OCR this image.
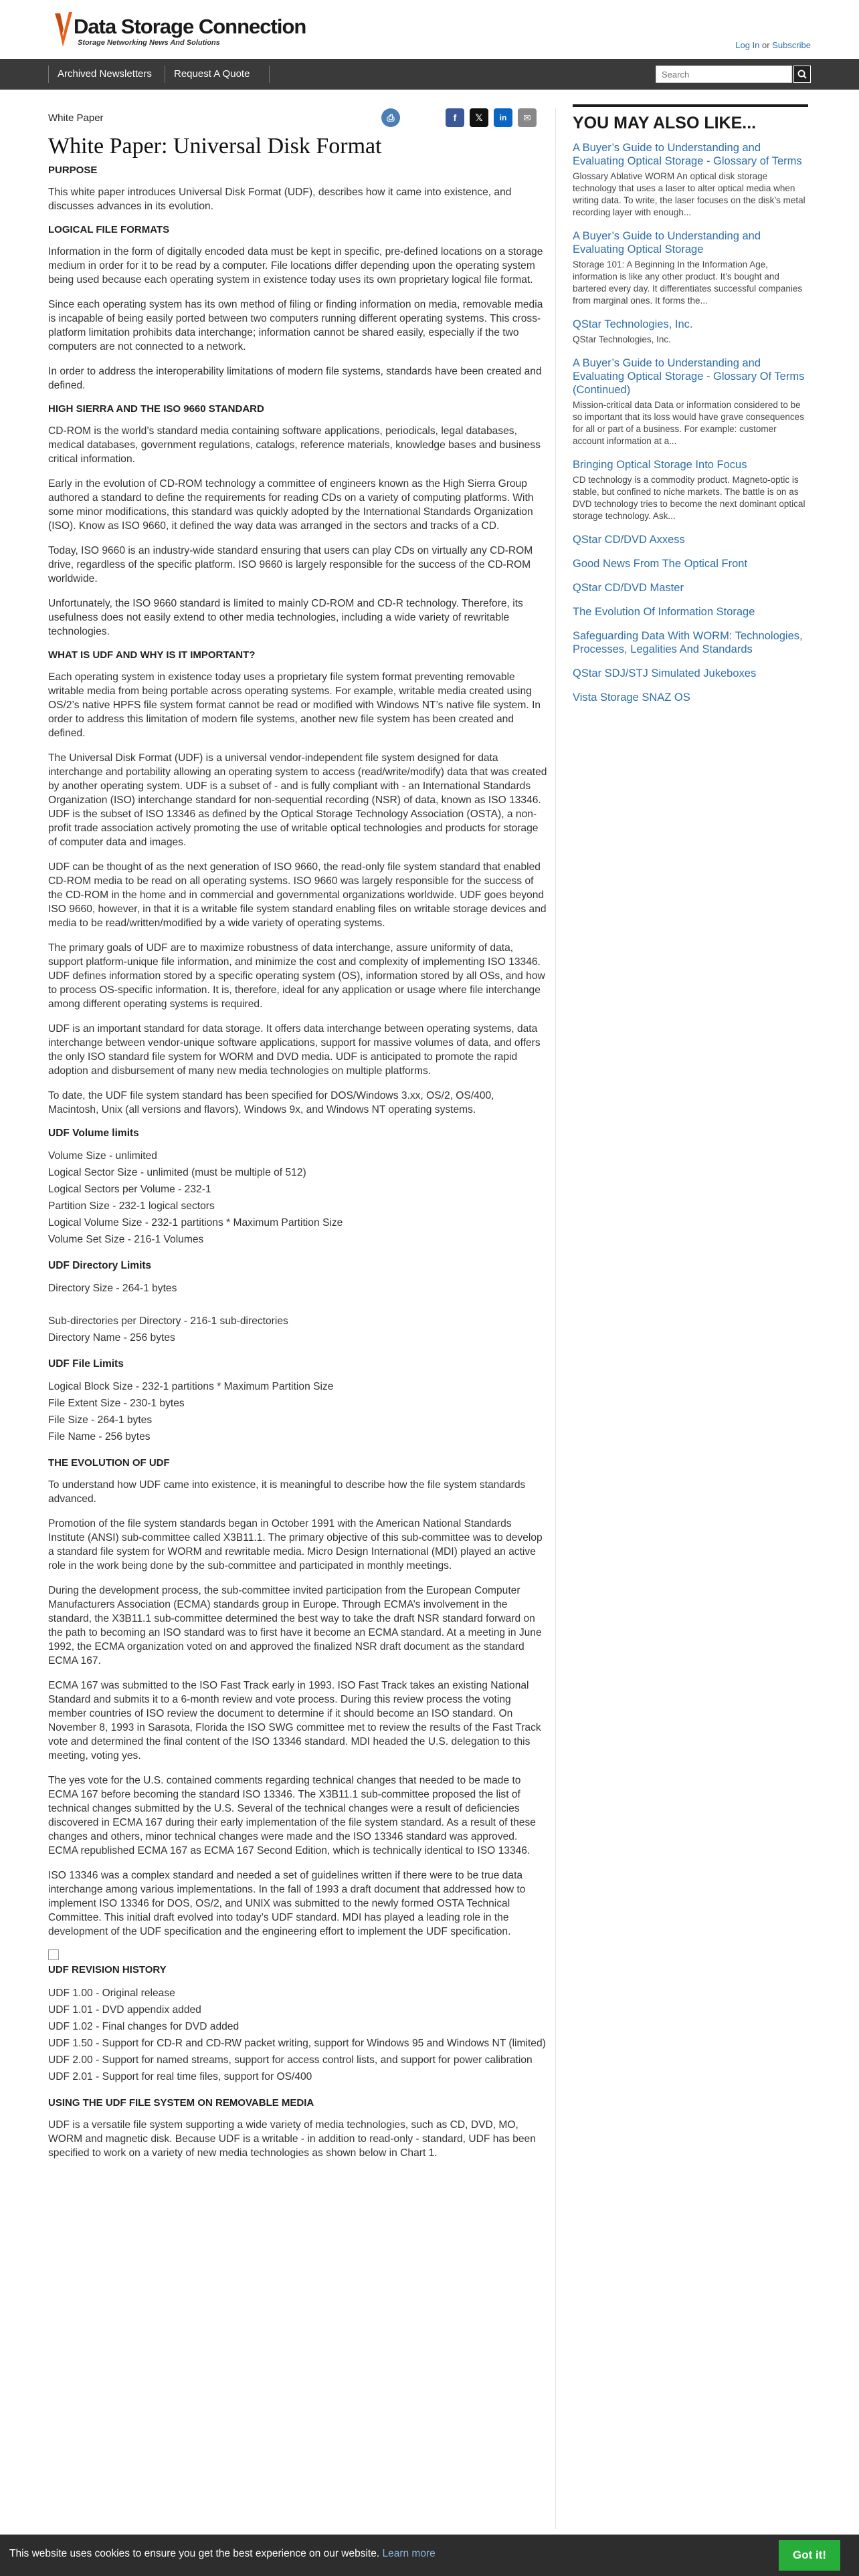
Data Storage Connection
Storage Networking News And Solutions	Log In or Subscribe
Archived Newsletters	Request A Quote
Search
White Paper	⎙	f	𝕏	in	✉
White Paper: Universal Disk Format
PURPOSE

This white paper introduces Universal Disk Format (UDF), describes how it came into existence, and discusses advances in its evolution.

LOGICAL FILE FORMATS

Information in the form of digitally encoded data must be kept in specific, pre-defined locations on a storage medium in order for it to be read by a computer. File locations differ depending upon the operating system being used because each operating system in existence today uses its own proprietary logical file format.

Since each operating system has its own method of filing or finding information on media, removable media is incapable of being easily ported between two computers running different operating systems. This cross-platform limitation prohibits data interchange; information cannot be shared easily, especially if the two computers are not connected to a network.

In order to address the interoperability limitations of modern file systems, standards have been created and defined.

HIGH SIERRA AND THE ISO 9660 STANDARD

CD-ROM is the world’s standard media containing software applications, periodicals, legal databases, medical databases, government regulations, catalogs, reference materials, knowledge bases and business critical information.

Early in the evolution of CD-ROM technology a committee of engineers known as the High Sierra Group authored a standard to define the requirements for reading CDs on a variety of computing platforms. With some minor modifications, this standard was quickly adopted by the International Standards Organization (ISO). Know as ISO 9660, it defined the way data was arranged in the sectors and tracks of a CD.

Today, ISO 9660 is an industry-wide standard ensuring that users can play CDs on virtually any CD-ROM drive, regardless of the specific platform. ISO 9660 is largely responsible for the success of the CD-ROM worldwide.

Unfortunately, the ISO 9660 standard is limited to mainly CD-ROM and CD-R technology. Therefore, its usefulness does not easily extend to other media technologies, including a wide variety of rewritable technologies.

WHAT IS UDF AND WHY IS IT IMPORTANT?

Each operating system in existence today uses a proprietary file system format preventing removable writable media from being portable across operating systems. For example, writable media created using OS/2’s native HPFS file system format cannot be read or modified with Windows NT’s native file system. In order to address this limitation of modern file systems, another new file system has been created and defined.

The Universal Disk Format (UDF) is a universal vendor-independent file system designed for data interchange and portability allowing an operating system to access (read/write/modify) data that was created by another operating system. UDF is a subset of - and is fully compliant with - an International Standards Organization (ISO) interchange standard for non-sequential recording (NSR) of data, known as ISO 13346. UDF is the subset of ISO 13346 as defined by the Optical Storage Technology Association (OSTA), a non-profit trade association actively promoting the use of writable optical technologies and products for storage of computer data and images.

UDF can be thought of as the next generation of ISO 9660, the read-only file system standard that enabled CD-ROM media to be read on all operating systems. ISO 9660 was largely responsible for the success of the CD-ROM in the home and in commercial and governmental organizations worldwide. UDF goes beyond ISO 9660, however, in that it is a writable file system standard enabling files on writable storage devices and media to be read/written/modified by a wide variety of operating systems.

The primary goals of UDF are to maximize robustness of data interchange, assure uniformity of data, support platform-unique file information, and minimize the cost and complexity of implementing ISO 13346. UDF defines information stored by a specific operating system (OS), information stored by all OSs, and how to process OS-specific information. It is, therefore, ideal for any application or usage where file interchange among different operating systems is required.

UDF is an important standard for data storage. It offers data interchange between operating systems, data interchange between vendor-unique software applications, support for massive volumes of data, and offers the only ISO standard file system for WORM and DVD media. UDF is anticipated to promote the rapid adoption and disbursement of many new media technologies on multiple platforms.

To date, the UDF file system standard has been specified for DOS/Windows 3.xx, OS/2, OS/400, Macintosh, Unix (all versions and flavors), Windows 9x, and Windows NT operating systems.

UDF Volume limits
Volume Size - unlimited
Logical Sector Size - unlimited (must be multiple of 512)
Logical Sectors per Volume - 232-1
Partition Size - 232-1 logical sectors
Logical Volume Size - 232-1 partitions * Maximum Partition Size
Volume Set Size - 216-1 Volumes
UDF Directory Limits
Directory Size - 264-1 bytes
Sub-directories per Directory - 216-1 sub-directories
Directory Name - 256 bytes
UDF File Limits
Logical Block Size - 232-1 partitions * Maximum Partition Size
File Extent Size - 230-1 bytes
File Size - 264-1 bytes
File Name - 256 bytes
THE EVOLUTION OF UDF

To understand how UDF came into existence, it is meaningful to describe how the file system standards advanced.

Promotion of the file system standards began in October 1991 with the American National Standards Institute (ANSI) sub-committee called X3B11.1. The primary objective of this sub-committee was to develop a standard file system for WORM and rewritable media. Micro Design International (MDI) played an active role in the work being done by the sub-committee and participated in monthly meetings.

During the development process, the sub-committee invited participation from the European Computer Manufacturers Association (ECMA) standards group in Europe. Through ECMA’s involvement in the standard, the X3B11.1 sub-committee determined the best way to take the draft NSR standard forward on the path to becoming an ISO standard was to first have it become an ECMA standard. At a meeting in June 1992, the ECMA organization voted on and approved the finalized NSR draft document as the standard ECMA 167.

ECMA 167 was submitted to the ISO Fast Track early in 1993. ISO Fast Track takes an existing National Standard and submits it to a 6-month review and vote process. During this review process the voting member countries of ISO review the document to determine if it should become an ISO standard. On November 8, 1993 in Sarasota, Florida the ISO SWG committee met to review the results of the Fast Track vote and determined the final content of the ISO 13346 standard. MDI headed the U.S. delegation to this meeting, voting yes.

The yes vote for the U.S. contained comments regarding technical changes that needed to be made to ECMA 167 before becoming the standard ISO 13346. The X3B11.1 sub-committee proposed the list of technical changes submitted by the U.S. Several of the technical changes were a result of deficiencies discovered in ECMA 167 during their early implementation of the file system standard. As a result of these changes and others, minor technical changes were made and the ISO 13346 standard was approved. ECMA republished ECMA 167 as ECMA 167 Second Edition, which is technically identical to ISO 13346.

ISO 13346 was a complex standard and needed a set of guidelines written if there were to be true data interchange among various implementations. In the fall of 1993 a draft document that addressed how to implement ISO 13346 for DOS, OS/2, and UNIX was submitted to the newly formed OSTA Technical Committee. This initial draft evolved into today’s UDF standard. MDI has played a leading role in the development of the UDF specification and the engineering effort to implement the UDF specification.

UDF REVISION HISTORY
UDF 1.00 - Original release
UDF 1.01 - DVD appendix added
UDF 1.02 - Final changes for DVD added
UDF 1.50 - Support for CD-R and CD-RW packet writing, support for Windows 95 and Windows NT (limited)
UDF 2.00 - Support for named streams, support for access control lists, and support for power calibration
UDF 2.01 - Support for real time files, support for OS/400
USING THE UDF FILE SYSTEM ON REMOVABLE MEDIA

UDF is a versatile file system supporting a wide variety of media technologies, such as CD, DVD, MO, WORM and magnetic disk. Because UDF is a writable - in addition to read-only - standard, UDF has been specified to work on a variety of new media technologies as shown below in Chart 1.

YOU MAY ALSO LIKE...
A Buyer’s Guide to Understanding and Evaluating Optical Storage - Glossary of Terms
Glossary Ablative WORM An optical disk storage technology that uses a laser to alter optical media when writing data. To write, the laser focuses on the disk’s metal recording layer with enough...
A Buyer’s Guide to Understanding and Evaluating Optical Storage
Storage 101: A Beginning In the Information Age, information is like any other product. It’s bought and bartered every day. It differentiates successful companies from marginal ones. It forms the...
QStar Technologies, Inc.
QStar Technologies, Inc.
A Buyer’s Guide to Understanding and Evaluating Optical Storage - Glossary Of Terms (Continued)
Mission-critical data Data or information considered to be so important that its loss would have grave consequences for all or part of a business. For example: customer account information at a...
Bringing Optical Storage Into Focus
CD technology is a commodity product. Magneto-optic is stable, but confined to niche markets. The battle is on as DVD technology tries to become the next dominant optical storage technology. Ask...
QStar CD/DVD Axxess
Good News From The Optical Front
QStar CD/DVD Master
The Evolution Of Information Storage
Safeguarding Data With WORM: Technologies, Processes, Legalities And Standards
QStar SDJ/STJ Simulated Jukeboxes
Vista Storage SNAZ OS
This website uses cookies to ensure you get the best experience on our website. Learn more	Got it!
